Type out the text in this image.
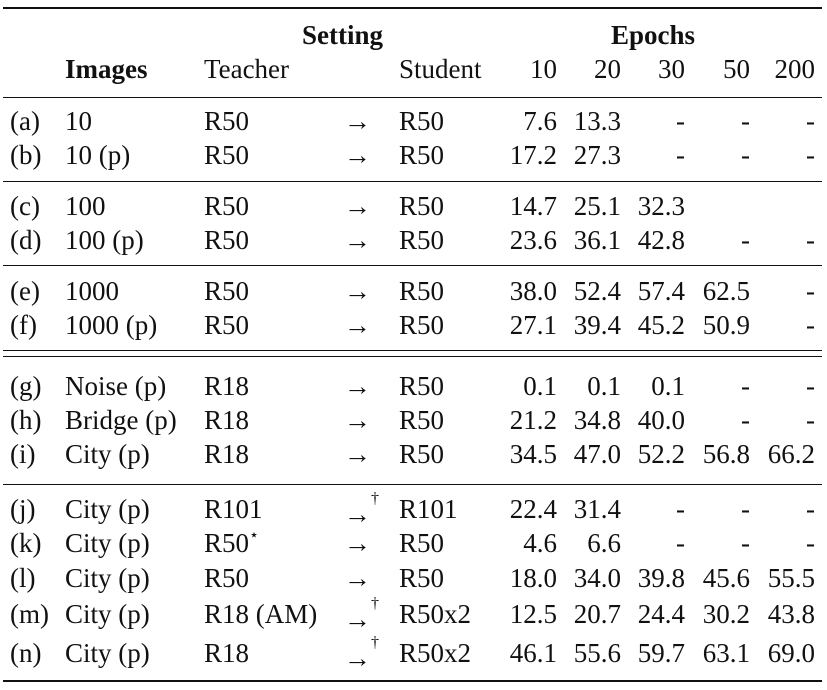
Setting	Epochs
Images Teacher	Student	10	20	30	50 200
(a) 10	R50	→ R50	7.6 13.3	-	-	-
(b) 10 (p)	R50	→ R50	17.2 27.3	-	-	-
(c) 100	R50	→ R50	14.7 25.1 32.3
(d) 100 (p) R50	→ R50	23.6 36.1 42.8	-	-
(e) 1000	R50	→ R50	38.0 52.4 57.4 62.5	-
(f) 1000 (p) R50	→ R50	27.1 39.4 45.2 50.9	-
(g) Noise (p) R18	→ R50	0.1	0.1	0.1	-	-
(h) Bridge (p) R18	→ R50	21.2 34.8 40.0	-	-
(i) City (p) R18	→ R50	34.5 47.0 52.2 56.8 66.2
(j) City (p) R101	→† R101	22.4 31.4	-	-	-
(k) City (p) R50⋆	→ R50	4.6	6.6	-	-	-
(l) City (p) R50	→ R50	18.0 34.0 39.8 45.6 55.5
(m) City (p) R18 (AM) →† R50x2	12.5 20.7 24.4 30.2 43.8
(n) City (p) R18	→† R50x2	46.1 55.6 59.7 63.1 69.0
